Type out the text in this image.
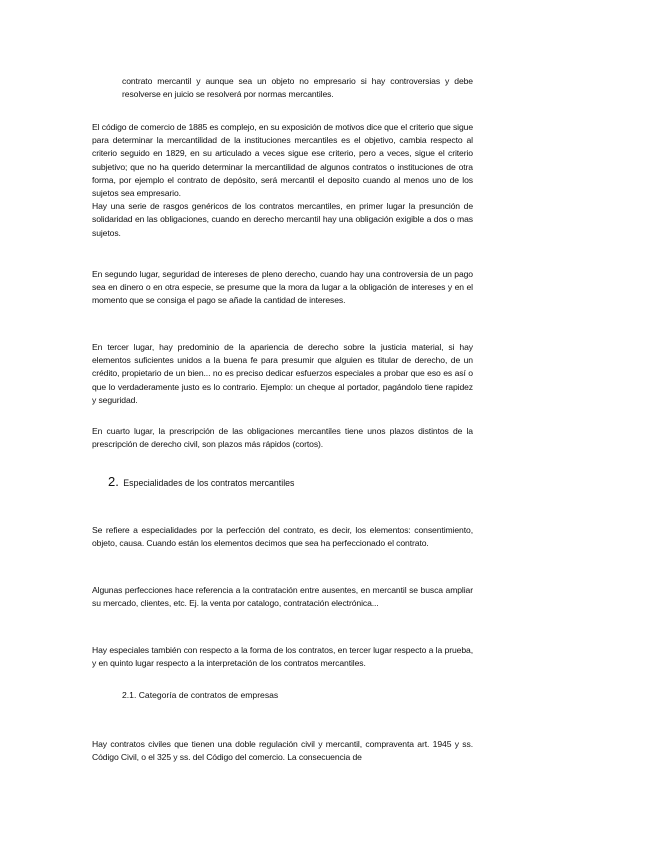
contrato mercantil y aunque sea un objeto no empresario si hay controversias y debe resolverse en juicio se resolverá por normas mercantiles.

El código de comercio de 1885 es complejo, en su exposición de motivos dice que el criterio que sigue para determinar la mercantilidad de la instituciones mercantiles es el objetivo, cambia respecto al criterio seguido en 1829, en su articulado a veces sigue ese criterio, pero a veces, sigue el criterio subjetivo; que no ha querido determinar la mercantilidad de algunos contratos o instituciones de otra forma, por ejemplo el contrato de depósito, será mercantil el deposito cuando al menos uno de los sujetos sea empresario.

Hay una serie de rasgos genéricos de los contratos mercantiles, en primer lugar la presunción de solidaridad en las obligaciones, cuando en derecho mercantil hay una obligación exigible a dos o mas sujetos.

En segundo lugar, seguridad de intereses de pleno derecho, cuando hay una controversia de un pago sea en dinero o en otra especie, se presume que la mora da lugar a la obligación de intereses y en el momento que se consiga el pago se añade la cantidad de intereses.

En tercer lugar, hay predominio de la apariencia de derecho sobre la justicia material, si hay elementos suficientes unidos a la buena fe para presumir que alguien es titular de derecho, de un crédito, propietario de un bien... no es preciso dedicar esfuerzos especiales a probar que eso es así o que lo verdaderamente justo es lo contrario. Ejemplo: un cheque al portador, pagándolo tiene rapidez y seguridad.

En cuarto lugar, la prescripción de las obligaciones mercantiles tiene unos plazos distintos de la prescripción de derecho civil, son plazos más rápidos (cortos).

2. Especialidades de los contratos mercantiles

Se refiere a especialidades por la perfección del contrato, es decir, los elementos: consentimiento, objeto, causa. Cuando están los elementos decimos que sea ha perfeccionado el contrato.

Algunas perfecciones hace referencia a la contratación entre ausentes, en mercantil se busca ampliar su mercado, clientes, etc. Ej. la venta por catalogo, contratación electrónica...

Hay especiales también con respecto a la forma de los contratos, en tercer lugar respecto a la prueba, y en quinto lugar respecto a la interpretación de los contratos mercantiles.

2.1. Categoría de contratos de empresas

Hay contratos civiles que tienen una doble regulación civil y mercantil, compraventa art. 1945 y ss. Código Civil, o el 325 y ss. del Código del comercio. La consecuencia de
